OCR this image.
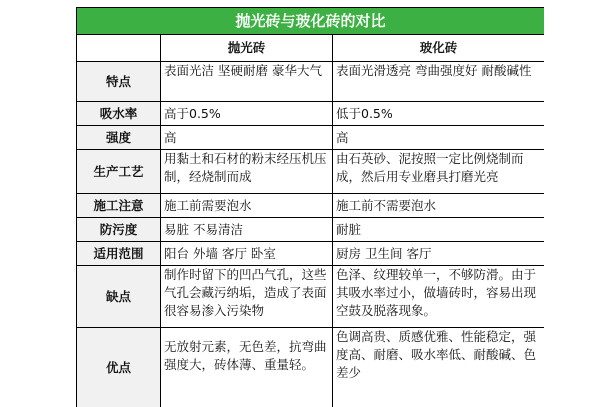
抛光砖与玻化砖的对比		
	抛光砖	玻化砖
特点	表面光洁 坚硬耐磨 豪华大气	表面光滑透亮 弯曲强度好 耐酸碱性
吸水率	高于0.5%	低于0.5%
强度	高	高
生产工艺	用黏土和石材的粉末经压机压制，经烧制而成	由石英砂、泥按照一定比例烧制而成，然后用专业磨具打磨光亮
施工注意	施工前需要泡水	施工前不需要泡水
防污度	易脏 不易清洁	耐脏
适用范围	阳台 外墙 客厅 卧室	厨房 卫生间 客厅
缺点	制作时留下的凹凸气孔，这些气孔会藏污纳垢，造成了表面很容易渗入污染物	色泽、纹理较单一，不够防滑。由于其吸水率过小，做墙砖时，容易出现空鼓及脱落现象。
优点	无放射元素，无色差，抗弯曲强度大，砖体薄、重量轻。	色调高贵、质感优雅、性能稳定，强度高、耐磨、吸水率低、耐酸碱、色差少
